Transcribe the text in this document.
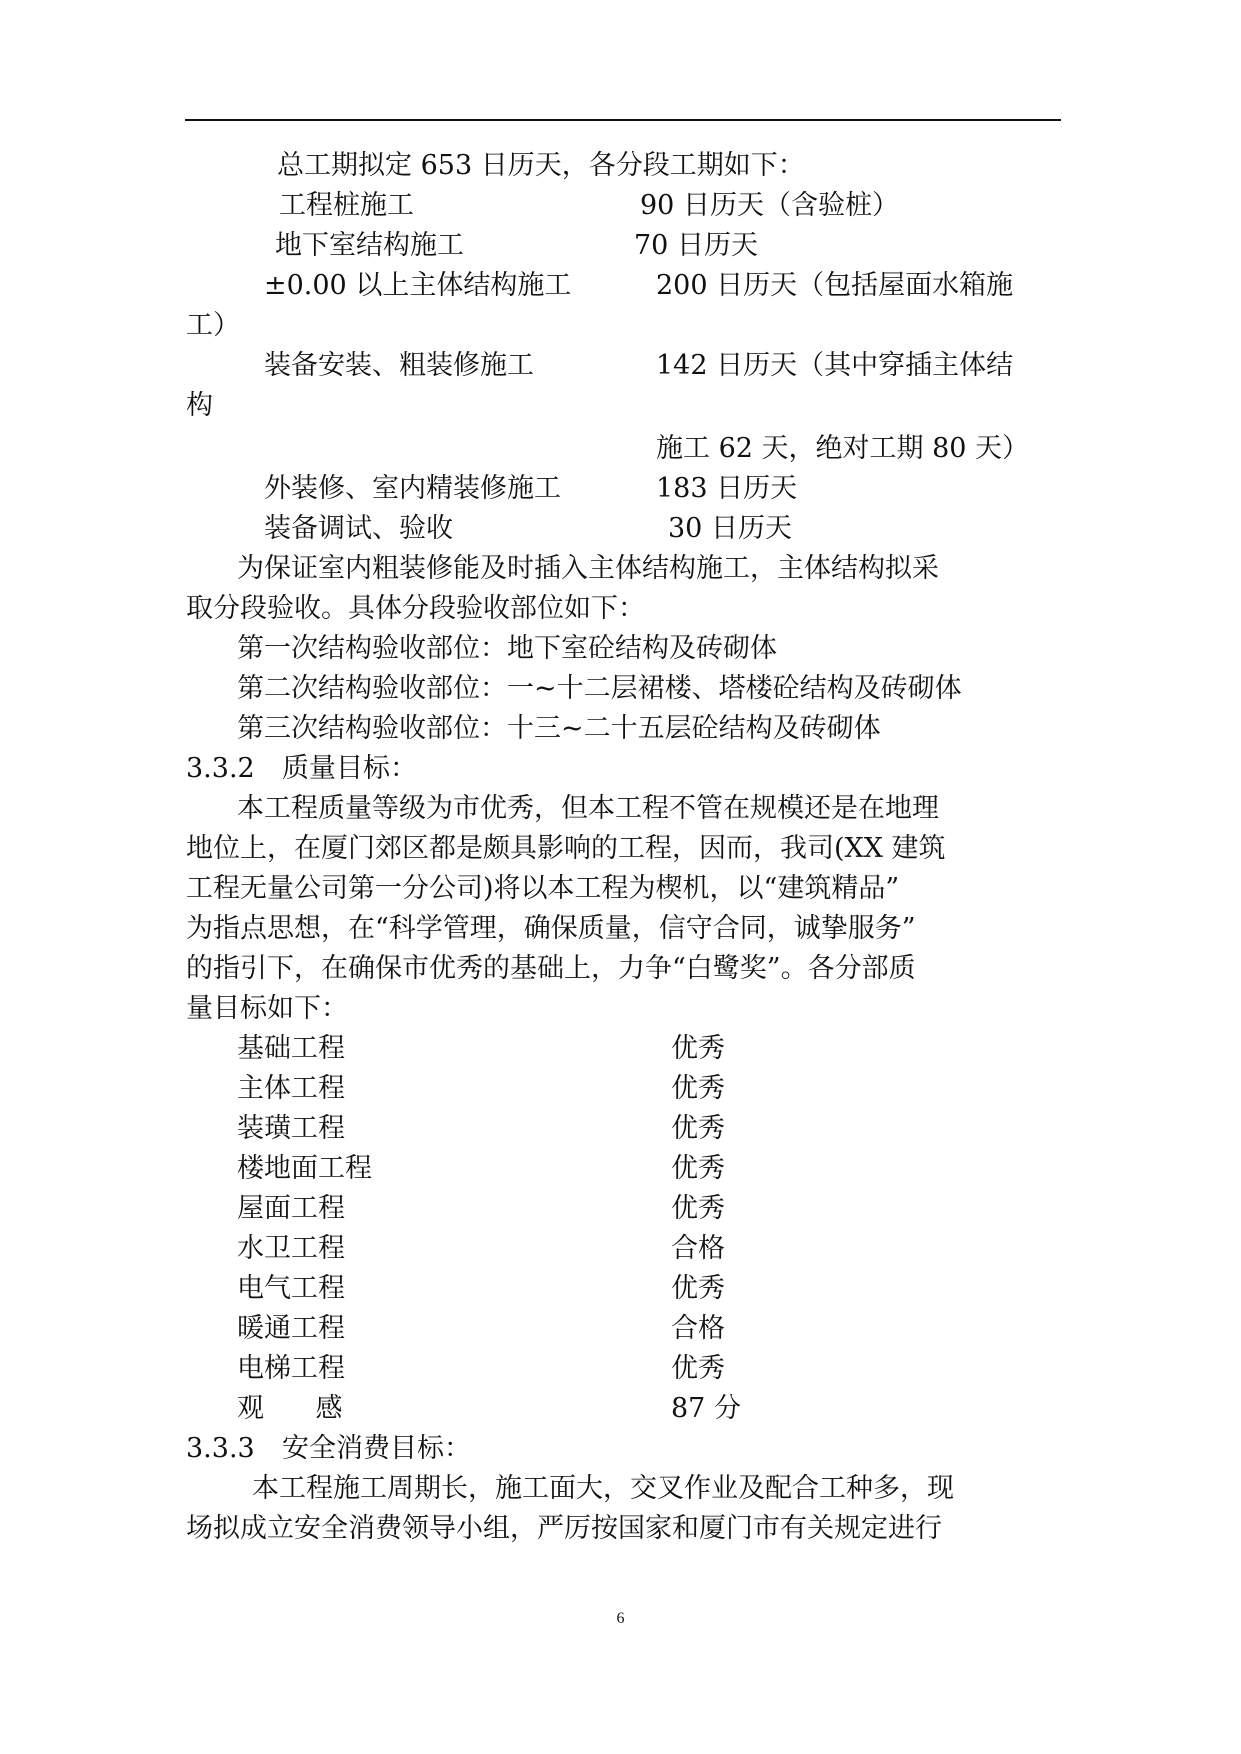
总工期拟定 653 日历天，各分段工期如下：
工程桩施工	90 日历天（含验桩）
地下室结构施工	70 日历天
±0.00 以上主体结构施工	200 日历天（包括屋面水箱施
工）
装备安装、粗装修施工	142 日历天（其中穿插主体结
构
施工 62 天，绝对工期 80 天）
外装修、室内精装修施工	183 日历天
装备调试、验收	30 日历天
为保证室内粗装修能及时插入主体结构施工，主体结构拟采
取分段验收。具体分段验收部位如下：
第一次结构验收部位：地下室砼结构及砖砌体
第二次结构验收部位：一~十二层裙楼、塔楼砼结构及砖砌体
第三次结构验收部位：十三~二十五层砼结构及砖砌体
3.3.2 质量目标：
本工程质量等级为市优秀，但本工程不管在规模还是在地理
地位上，在厦门郊区都是颇具影响的工程，因而，我司(XX 建筑
工程无量公司第一分公司)将以本工程为楔机，以“建筑精品”
为指点思想，在“科学管理，确保质量，信守合同，诚挚服务”
的指引下，在确保市优秀的基础上，力争“白鹭奖”。各分部质
量目标如下：
基础工程	优秀
主体工程	优秀
装璜工程	优秀
楼地面工程	优秀
屋面工程	优秀
水卫工程	合格
电气工程	优秀
暖通工程	合格
电梯工程	优秀
观      感	87 分
3.3.3 安全消费目标：
本工程施工周期长，施工面大，交叉作业及配合工种多，现
场拟成立安全消费领导小组，严厉按国家和厦门市有关规定进行
6
